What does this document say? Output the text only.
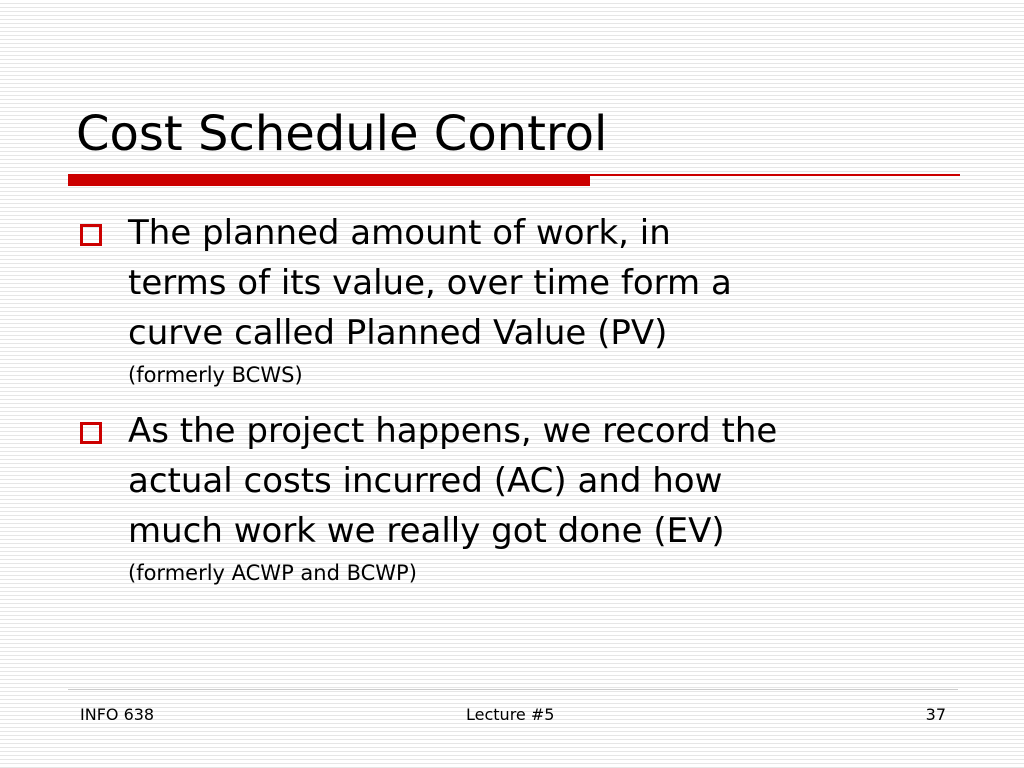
Cost Schedule Control
The planned amount of work, in
terms of its value, over time form a
curve called Planned Value (PV)
(formerly BCWS)
As the project happens, we record the
actual costs incurred (AC) and how
much work we really got done (EV)
(formerly ACWP and BCWP)
INFO 638	Lecture #5	37
